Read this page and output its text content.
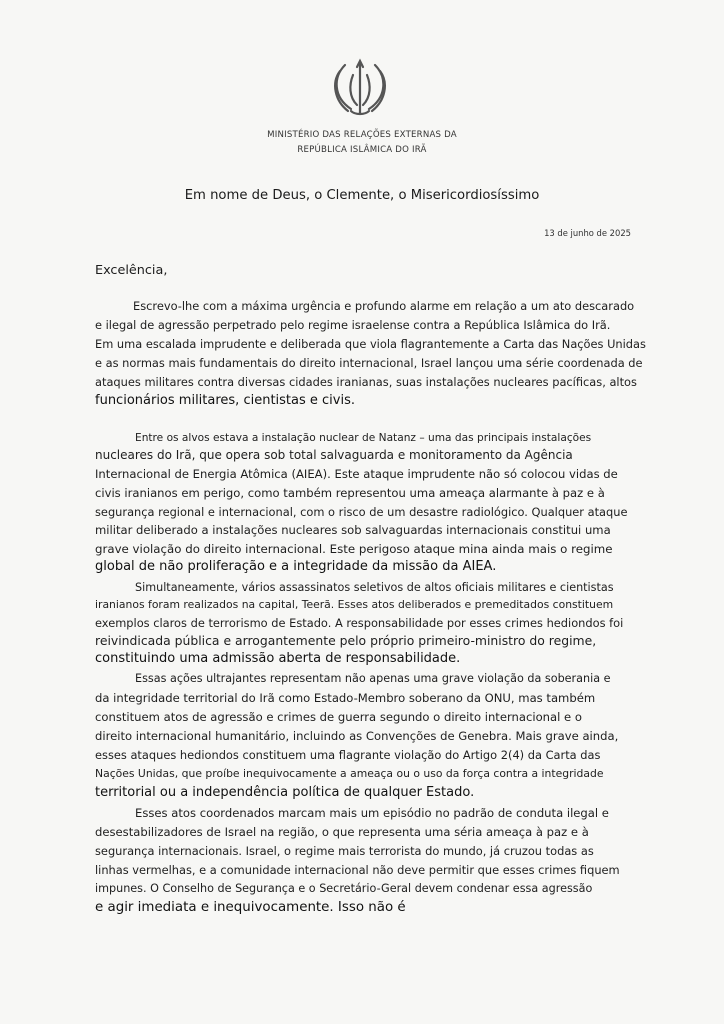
MINISTÉRIO DAS RELAÇÕES EXTERNAS DA
REPÚBLICA ISLÂMICA DO IRÃ
Em nome de Deus, o Clemente, o Misericordiosíssimo
13 de junho de 2025
Excelência,
Escrevo-lhe com a máxima urgência e profundo alarme em relação a um ato descarado
e ilegal de agressão perpetrado pelo regime israelense contra a República Islâmica do Irã.
Em uma escalada imprudente e deliberada que viola flagrantemente a Carta das Nações Unidas
e as normas mais fundamentais do direito internacional, Israel lançou uma série coordenada de
ataques militares contra diversas cidades iranianas, suas instalações nucleares pacíficas, altos
funcionários militares, cientistas e civis.
Entre os alvos estava a instalação nuclear de Natanz – uma das principais instalações
nucleares do Irã, que opera sob total salvaguarda e monitoramento da Agência
Internacional de Energia Atômica (AIEA). Este ataque imprudente não só colocou vidas de
civis iranianos em perigo, como também representou uma ameaça alarmante à paz e à
segurança regional e internacional, com o risco de um desastre radiológico. Qualquer ataque
militar deliberado a instalações nucleares sob salvaguardas internacionais constitui uma
grave violação do direito internacional. Este perigoso ataque mina ainda mais o regime
global de não proliferação e a integridade da missão da AIEA.
Simultaneamente, vários assassinatos seletivos de altos oficiais militares e cientistas
iranianos foram realizados na capital, Teerã. Esses atos deliberados e premeditados constituem
exemplos claros de terrorismo de Estado. A responsabilidade por esses crimes hediondos foi
reivindicada pública e arrogantemente pelo próprio primeiro-ministro do regime,
constituindo uma admissão aberta de responsabilidade.
Essas ações ultrajantes representam não apenas uma grave violação da soberania e
da integridade territorial do Irã como Estado-Membro soberano da ONU, mas também
constituem atos de agressão e crimes de guerra segundo o direito internacional e o
direito internacional humanitário, incluindo as Convenções de Genebra. Mais grave ainda,
esses ataques hediondos constituem uma flagrante violação do Artigo 2(4) da Carta das
Nações Unidas, que proíbe inequivocamente a ameaça ou o uso da força contra a integridade
territorial ou a independência política de qualquer Estado.
Esses atos coordenados marcam mais um episódio no padrão de conduta ilegal e
desestabilizadores de Israel na região, o que representa uma séria ameaça à paz e à
segurança internacionais. Israel, o regime mais terrorista do mundo, já cruzou todas as
linhas vermelhas, e a comunidade internacional não deve permitir que esses crimes fiquem
impunes. O Conselho de Segurança e o Secretário-Geral devem condenar essa agressão
e agir imediata e inequivocamente. Isso não é
